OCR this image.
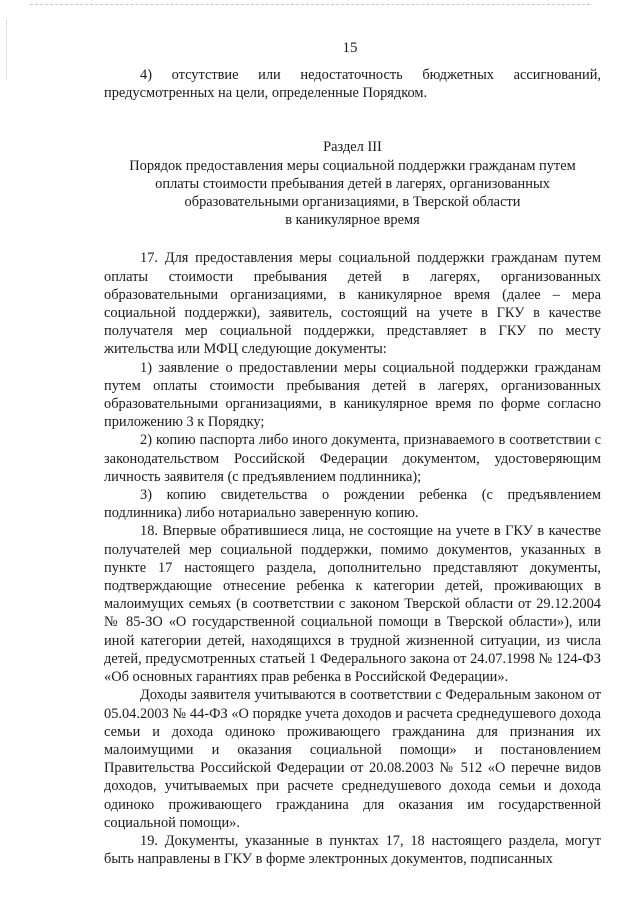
15

4) отсутствие или недостаточность бюджетных ассигнований, предусмотренных на цели, определенные Порядком.

Раздел III
Порядок предоставления меры социальной поддержки гражданам путем
оплаты стоимости пребывания детей в лагерях, организованных
образовательными организациями, в Тверской области
в каникулярное время

17. Для предоставления меры социальной поддержки гражданам путем оплаты стоимости пребывания детей в лагерях, организованных образовательными организациями, в каникулярное время (далее – мера социальной поддержки), заявитель, состоящий на учете в ГКУ в качестве получателя мер социальной поддержки, представляет в ГКУ по месту жительства или МФЦ следующие документы:

1) заявление о предоставлении меры социальной поддержки гражданам путем оплаты стоимости пребывания детей в лагерях, организованных образовательными организациями, в каникулярное время по форме согласно приложению 3 к Порядку;

2) копию паспорта либо иного документа, признаваемого в соответствии с законодательством Российской Федерации документом, удостоверяющим личность заявителя (с предъявлением подлинника);

3) копию свидетельства о рождении ребенка (с предъявлением подлинника) либо нотариально заверенную копию.

18. Впервые обратившиеся лица, не состоящие на учете в ГКУ в качестве получателей мер социальной поддержки, помимо документов, указанных в пункте 17 настоящего раздела, дополнительно представляют документы, подтверждающие отнесение ребенка к категории детей, проживающих в малоимущих семьях (в соответствии с законом Тверской области от 29.12.2004 № 85-ЗО «О государственной социальной помощи в Тверской области»), или иной категории детей, находящихся в трудной жизненной ситуации, из числа детей, предусмотренных статьей 1 Федерального закона от 24.07.1998 № 124-ФЗ «Об основных гарантиях прав ребенка в Российской Федерации».

Доходы заявителя учитываются в соответствии с Федеральным законом от 05.04.2003 № 44-ФЗ «О порядке учета доходов и расчета среднедушевого дохода семьи и дохода одиноко проживающего гражданина для признания их малоимущими и оказания социальной помощи» и постановлением Правительства Российской Федерации от 20.08.2003 № 512 «О перечне видов доходов, учитываемых при расчете среднедушевого дохода семьи и дохода одиноко проживающего гражданина для оказания им государственной социальной помощи».

19. Документы, указанные в пунктах 17, 18 настоящего раздела, могут быть направлены в ГКУ в форме электронных документов, подписанных
